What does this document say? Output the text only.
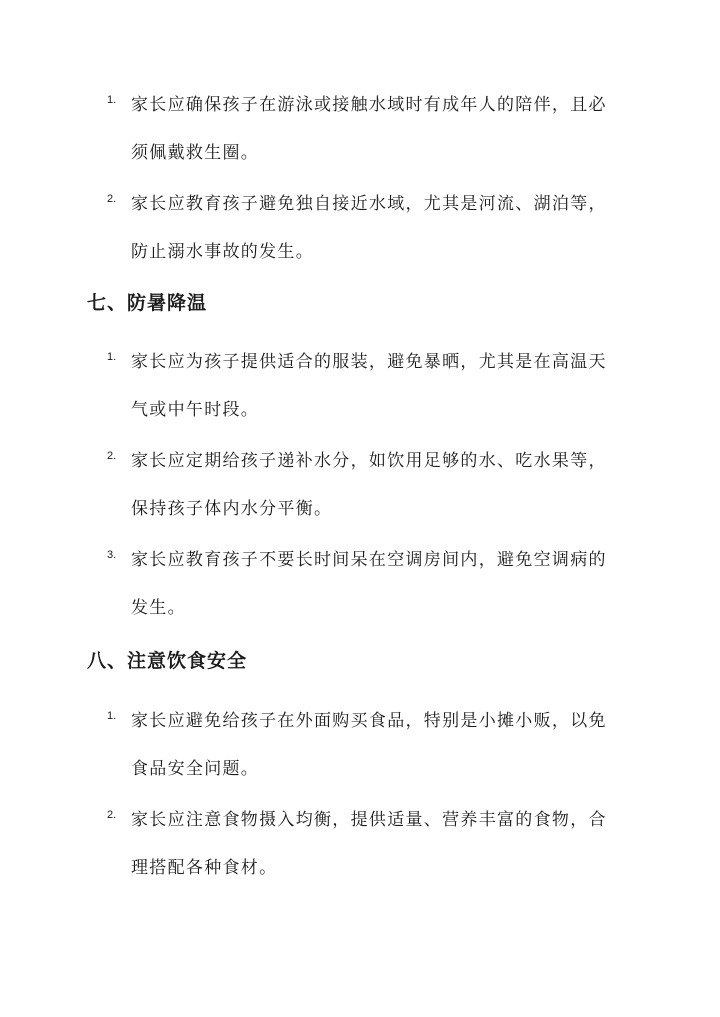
1. 家长应确保孩子在游泳或接触水域时有成年人的陪伴，且必
须佩戴救生圈。
2. 家长应教育孩子避免独自接近水域，尤其是河流、湖泊等，
防止溺水事故的发生。
七、防暑降温
1. 家长应为孩子提供适合的服装，避免暴晒，尤其是在高温天
气或中午时段。
2. 家长应定期给孩子递补水分，如饮用足够的水、吃水果等，
保持孩子体内水分平衡。
3. 家长应教育孩子不要长时间呆在空调房间内，避免空调病的
发生。
八、注意饮食安全
1. 家长应避免给孩子在外面购买食品，特别是小摊小贩，以免
食品安全问题。
2. 家长应注意食物摄入均衡，提供适量、营养丰富的食物，合
理搭配各种食材。
